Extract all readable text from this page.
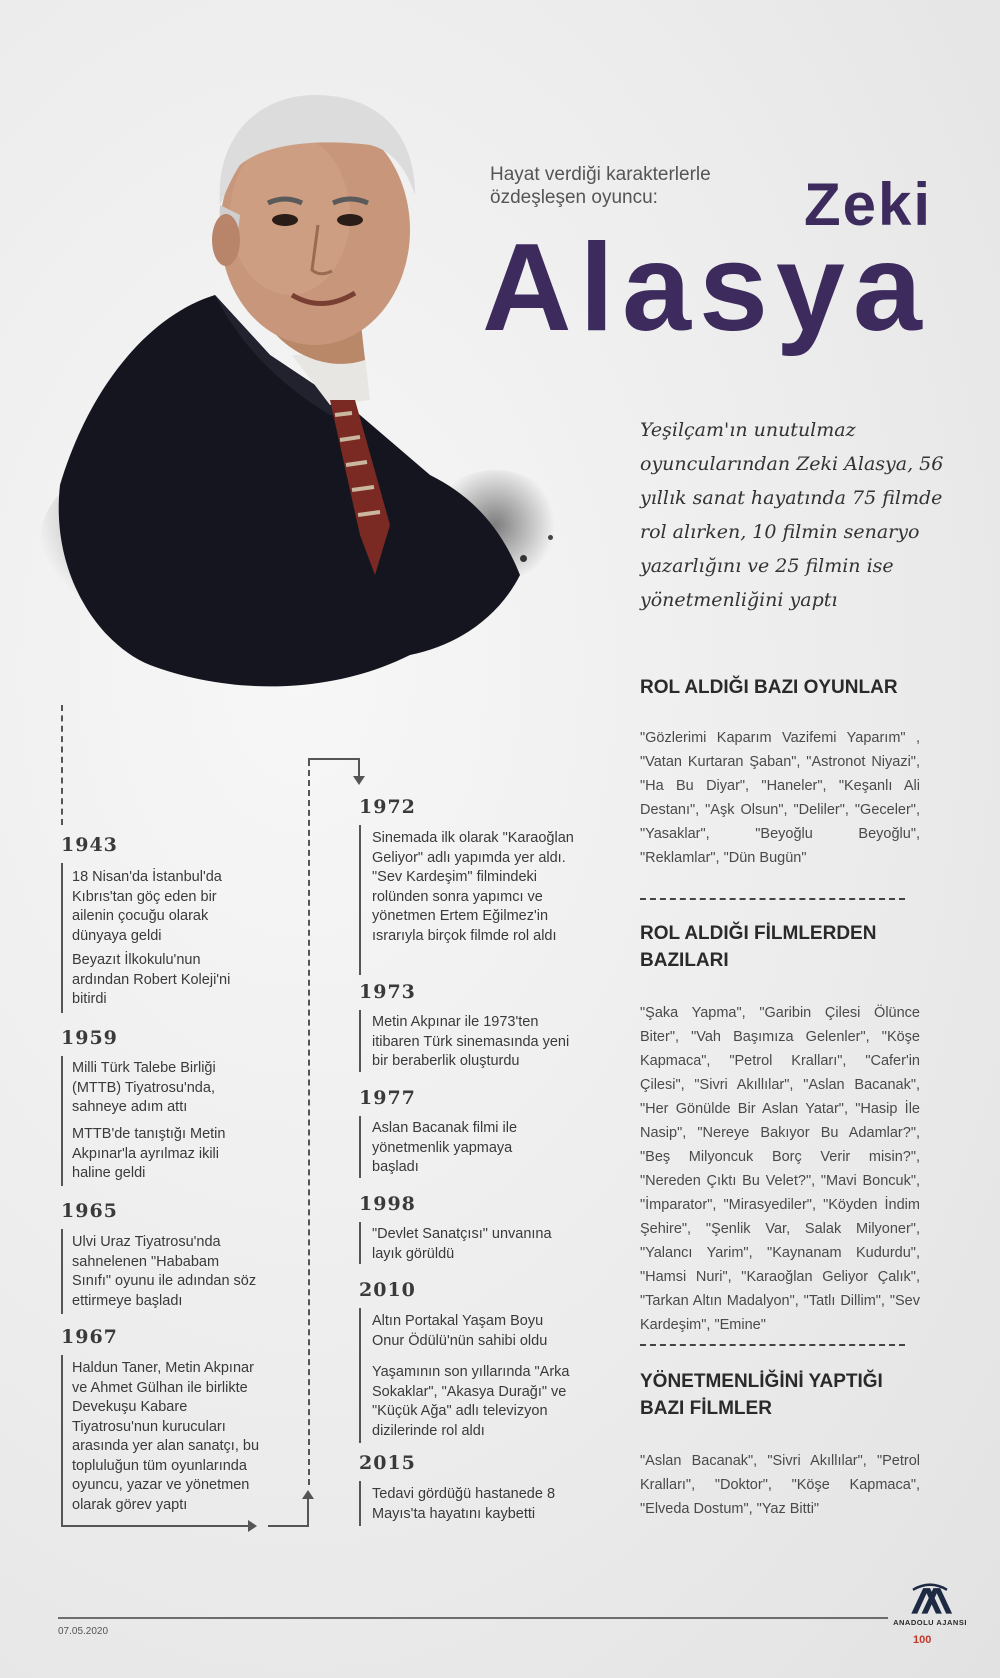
Hayat verdiği karakterlerle özdeşleşen oyuncu:	Zeki
Alasya
Yeşilçam'ın unutulmaz oyuncularından Zeki Alasya, 56 yıllık sanat hayatında 75 filmde rol alırken, 10 filmin senaryo yazarlığını ve 25 filmin ise yönetmenliğini yaptı
ROL ALDIĞI BAZI OYUNLAR
"Gözlerimi Kaparım Vazifemi Yaparım" , "Vatan Kurtaran Şaban", "Astronot Niyazi", "Ha Bu Diyar", "Haneler", "Keşanlı Ali Destanı", "Aşk Olsun", "Deliler", "Geceler", "Yasaklar", "Beyoğlu Beyoğlu", "Reklamlar", "Dün Bugün"
ROL ALDIĞI FİLMLERDEN BAZILARI
"Şaka Yapma", "Garibin Çilesi Ölünce Biter", "Vah Başımıza Gelenler", "Köşe Kapmaca", "Petrol Kralları", "Cafer'in Çilesi", "Sivri Akıllılar", "Aslan Bacanak", "Her Gönülde Bir Aslan Yatar", "Hasip İle Nasip", "Nereye Bakıyor Bu Adamlar?", "Beş Milyoncuk Borç Verir misin?", "Nereden Çıktı Bu Velet?", "Mavi Boncuk", "İmparator", "Mirasyediler", "Köyden İndim Şehire", "Şenlik Var, Salak Milyoner", "Yalancı Yarim", "Kaynanam Kudurdu", "Hamsi Nuri", "Karaoğlan Geliyor Çalık", "Tarkan Altın Madalyon", "Tatlı Dillim", "Sev Kardeşim", "Emine"
YÖNETMENLİĞİNİ YAPTIĞI BAZI FİLMLER
"Aslan Bacanak", "Sivri Akıllılar", "Petrol Kralları", "Doktor", "Köşe Kapmaca", "Elveda Dostum", "Yaz Bitti"
1943
18 Nisan'da İstanbul'da Kıbrıs'tan göç eden bir ailenin çocuğu olarak dünyaya geldi
Beyazıt İlkokulu'nun ardından Robert Koleji'ni bitirdi
1959
Milli Türk Talebe Birliği (MTTB) Tiyatrosu'nda, sahneye adım attı
MTTB'de tanıştığı Metin Akpınar'la ayrılmaz ikili haline geldi
1965
Ulvi Uraz Tiyatrosu'nda sahnelenen "Hababam Sınıfı" oyunu ile adından söz ettirmeye başladı
1967
Haldun Taner, Metin Akpınar ve Ahmet Gülhan ile birlikte Devekuşu Kabare Tiyatrosu'nun kurucuları arasında yer alan sanatçı, bu topluluğun tüm oyunlarında oyuncu, yazar ve yönetmen olarak görev yaptı
1972
Sinemada ilk olarak "Karaoğlan Geliyor" adlı yapımda yer aldı. "Sev Kardeşim" filmindeki rolünden sonra yapımcı ve yönetmen Ertem Eğilmez'in ısrarıyla birçok filmde rol aldı
1973
Metin Akpınar ile 1973'ten itibaren Türk sinemasında yeni bir beraberlik oluşturdu
1977
Aslan Bacanak filmi ile yönetmenlik yapmaya başladı
1998
"Devlet Sanatçısı" unvanına layık görüldü
2010
Altın Portakal Yaşam Boyu Onur Ödülü'nün sahibi oldu
Yaşamının son yıllarında "Arka Sokaklar", "Akasya Durağı" ve "Küçük Ağa" adlı televizyon dizilerinde rol aldı
2015
Tedavi gördüğü hastanede 8 Mayıs'ta hayatını kaybetti
07.05.2020
ANADOLU AJANSI
100
